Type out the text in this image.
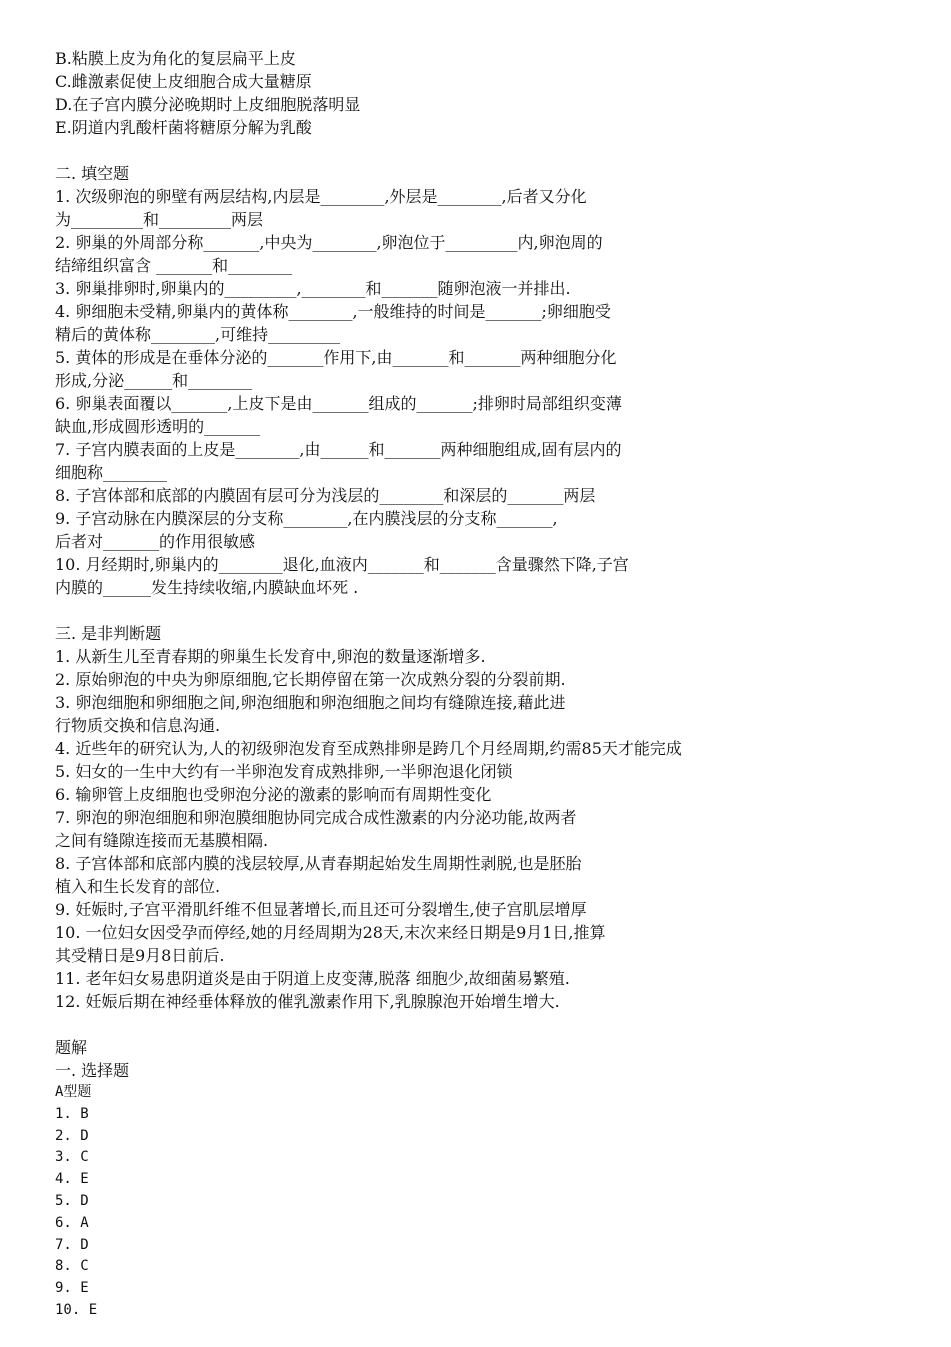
B.粘膜上皮为角化的复层扁平上皮
C.雌激素促使上皮细胞合成大量糖原
D.在子宫内膜分泌晚期时上皮细胞脱落明显
E.阴道内乳酸杆菌将糖原分解为乳酸
二. 填空题
1. 次级卵泡的卵壁有两层结构,内层是________,外层是________,后者又分化
为_________和_________两层
2. 卵巢的外周部分称_______,中央为________,卵泡位于_________内,卵泡周的
结缔组织富含 _______和________
3. 卵巢排卵时,卵巢内的_________,________和_______随卵泡液一并排出.
4. 卵细胞未受精,卵巢内的黄体称________,一般维持的时间是_______;卵细胞受
精后的黄体称________,可维持_________
5. 黄体的形成是在垂体分泌的_______作用下,由_______和_______两种细胞分化
形成,分泌______和________
6. 卵巢表面覆以_______,上皮下是由_______组成的_______;排卵时局部组织变薄
缺血,形成圆形透明的_______
7. 子宫内膜表面的上皮是________,由______和_______两种细胞组成,固有层内的
细胞称________
8. 子宫体部和底部的内膜固有层可分为浅层的________和深层的_______两层
9. 子宫动脉在内膜深层的分支称________,在内膜浅层的分支称_______,
后者对_______的作用很敏感
10. 月经期时,卵巢内的________退化,血液内_______和_______含量骤然下降,子宫
内膜的______发生持续收缩,内膜缺血坏死 .
三. 是非判断题
1. 从新生儿至青春期的卵巢生长发育中,卵泡的数量逐渐增多.
2. 原始卵泡的中央为卵原细胞,它长期停留在第一次成熟分裂的分裂前期.
3. 卵泡细胞和卵细胞之间,卵泡细胞和卵泡细胞之间均有缝隙连接,藉此进
行物质交换和信息沟通.
4. 近些年的研究认为,人的初级卵泡发育至成熟排卵是跨几个月经周期,约需85天才能完成
5. 妇女的一生中大约有一半卵泡发育成熟排卵,一半卵泡退化闭锁
6. 输卵管上皮细胞也受卵泡分泌的激素的影响而有周期性变化
7. 卵泡的卵泡细胞和卵泡膜细胞协同完成合成性激素的内分泌功能,故两者
之间有缝隙连接而无基膜相隔.
8. 子宫体部和底部内膜的浅层较厚,从青春期起始发生周期性剥脱,也是胚胎
植入和生长发育的部位.
9. 妊娠时,子宫平滑肌纤维不但显著增长,而且还可分裂增生,使子宫肌层增厚
10. 一位妇女因受孕而停经,她的月经周期为28天,末次来经日期是9月1日,推算
其受精日是9月8日前后.
11. 老年妇女易患阴道炎是由于阴道上皮变薄,脱落 细胞少,故细菌易繁殖.
12. 妊娠后期在神经垂体释放的催乳激素作用下,乳腺腺泡开始增生增大.
题解
一. 选择题
A型题
1. B
2. D
3. C
4. E
5. D
6. A
7. D
8. C
9. E
10. E
